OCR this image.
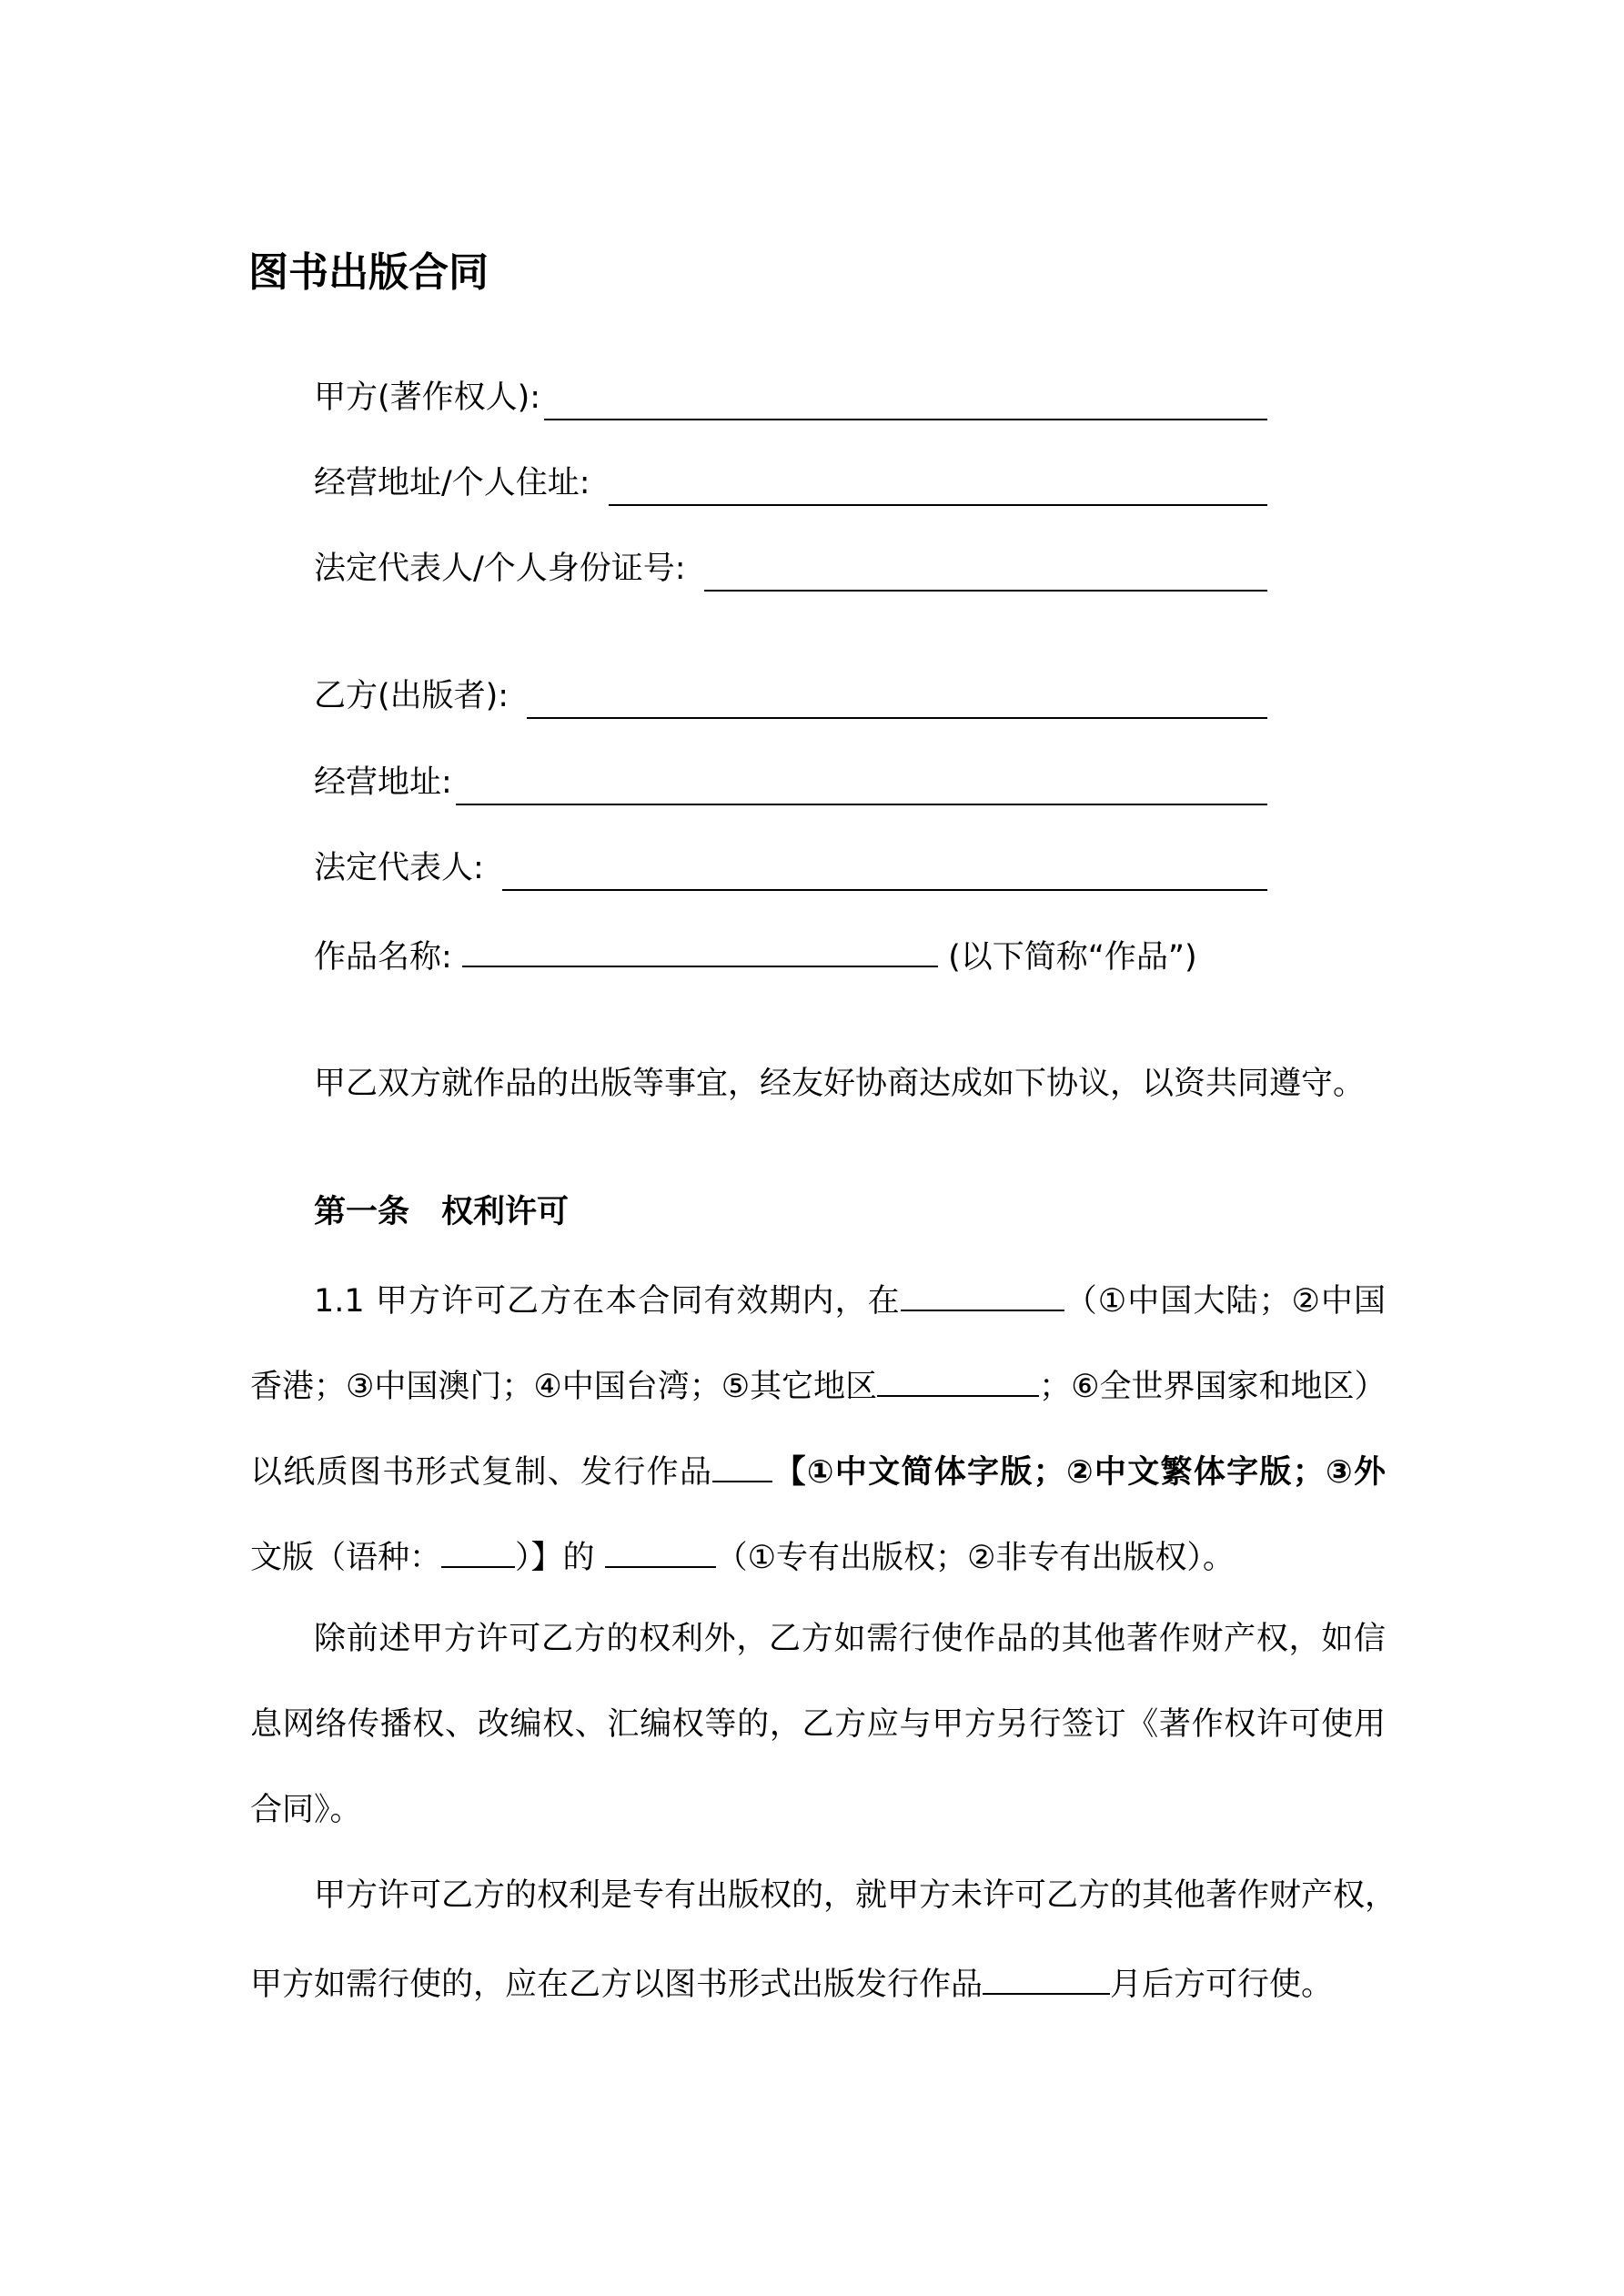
图书出版合同
甲方(著作权人):
经营地址/个人住址:
法定代表人/个人身份证号:
乙方(出版者):
经营地址:
法定代表人:
作品名称:	(以下简称“作品”)
甲乙双方就作品的出版等事宜，经友好协商达成如下协议，以资共同遵守。
第一条　权利许可
1.1 甲方许可乙方在本合同有效期内，在	（①中国大陆；②中国
香港；③中国澳门；④中国台湾；⑤其它地区	；⑥全世界国家和地区）
以纸质图书形式复制、发行作品 【①中文简体字版；②中文繁体字版；③外
文版（语种： ）】的	（①专有出版权；②非专有出版权）。
除前述甲方许可乙方的权利外，乙方如需行使作品的其他著作财产权，如信
息网络传播权、改编权、汇编权等的，乙方应与甲方另行签订《著作权许可使用
合同》。
甲方许可乙方的权利是专有出版权的，就甲方未许可乙方的其他著作财产权，
甲方如需行使的，应在乙方以图书形式出版发行作品	月后方可行使。
